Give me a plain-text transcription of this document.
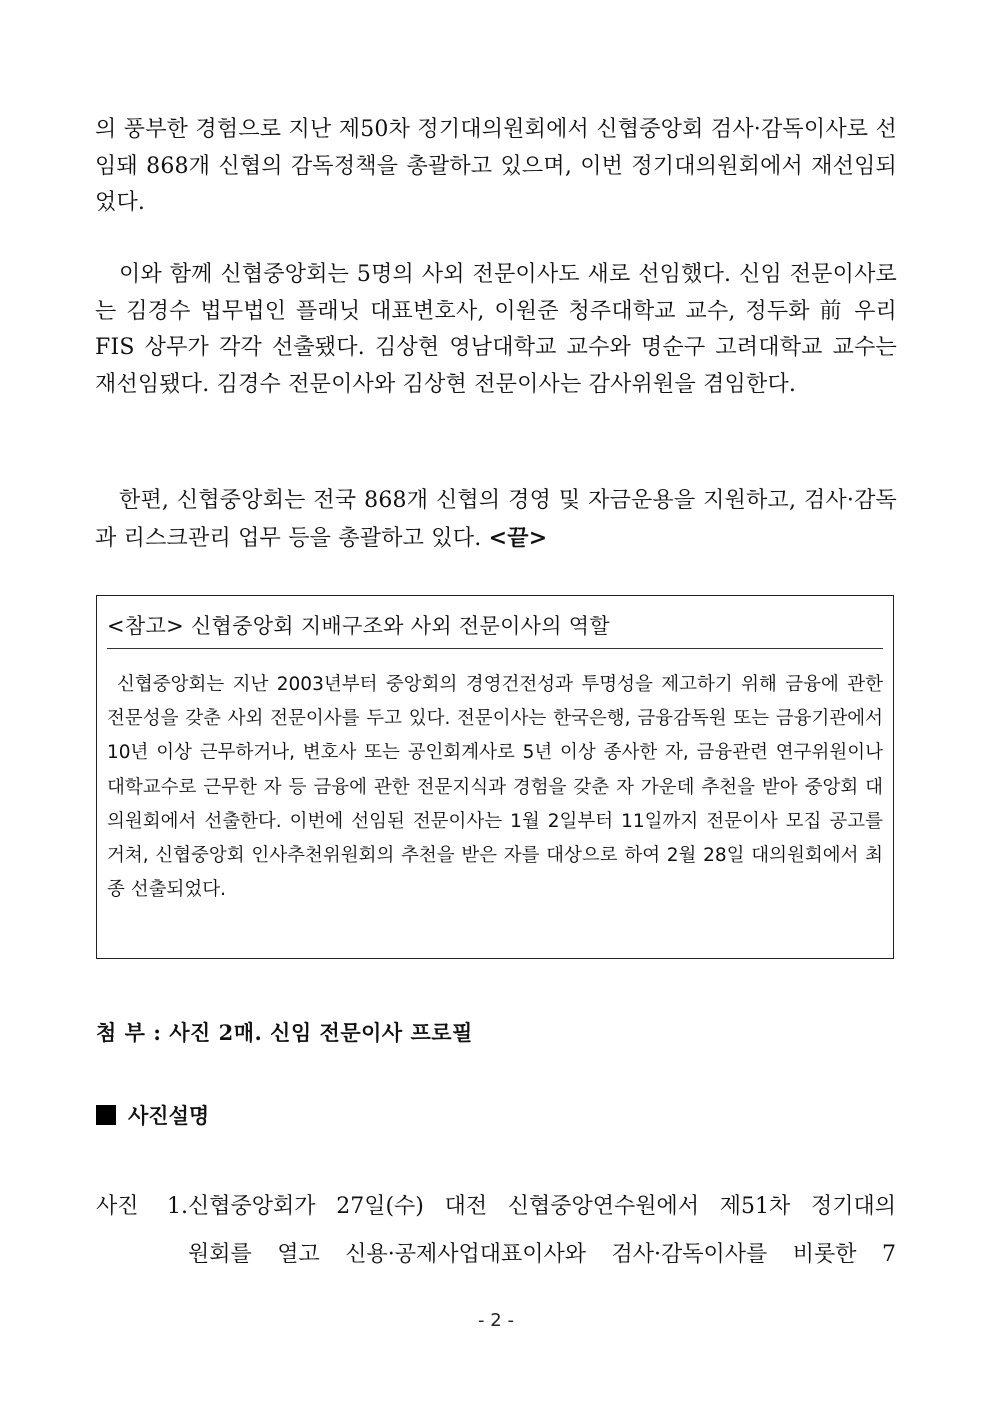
의 풍부한 경험으로 지난 제50차 정기대의원회에서 신협중앙회 검사·감독이사로 선임돼 868개 신협의 감독정책을 총괄하고 있으며, 이번 정기대의원회에서 재선임되었다.
이와 함께 신협중앙회는 5명의 사외 전문이사도 새로 선임했다. 신임 전문이사로는 김경수 법무법인 플래닛 대표변호사, 이원준 청주대학교 교수, 정두화 前 우리FIS 상무가 각각 선출됐다. 김상현 영남대학교 교수와 명순구 고려대학교 교수는 재선임됐다. 김경수 전문이사와 김상현 전문이사는 감사위원을 겸임한다.
한편, 신협중앙회는 전국 868개 신협의 경영 및 자금운용을 지원하고, 검사·감독과 리스크관리 업무 등을 총괄하고 있다. <끝>
<참고> 신협중앙회 지배구조와 사외 전문이사의 역할
신협중앙회는 지난 2003년부터 중앙회의 경영건전성과 투명성을 제고하기 위해 금융에 관한 전문성을 갖춘 사외 전문이사를 두고 있다. 전문이사는 한국은행, 금융감독원 또는 금융기관에서 10년 이상 근무하거나, 변호사 또는 공인회계사로 5년 이상 종사한 자, 금융관련 연구위원이나 대학교수로 근무한 자 등 금융에 관한 전문지식과 경험을 갖춘 자 가운데 추천을 받아 중앙회 대의원회에서 선출한다. 이번에 선임된 전문이사는 1월 2일부터 11일까지 전문이사 모집 공고를 거쳐, 신협중앙회 인사추천위원회의 추천을 받은 자를 대상으로 하여 2월 28일 대의원회에서 최종 선출되었다.
첨 부 : 사진 2매. 신임 전문이사 프로필
사진설명
사진 1.신협중앙회가 27일(수) 대전 신협중앙연수원에서 제51차 정기대의
원회를 열고 신용·공제사업대표이사와 검사·감독이사를 비롯한 7
- 2 -
